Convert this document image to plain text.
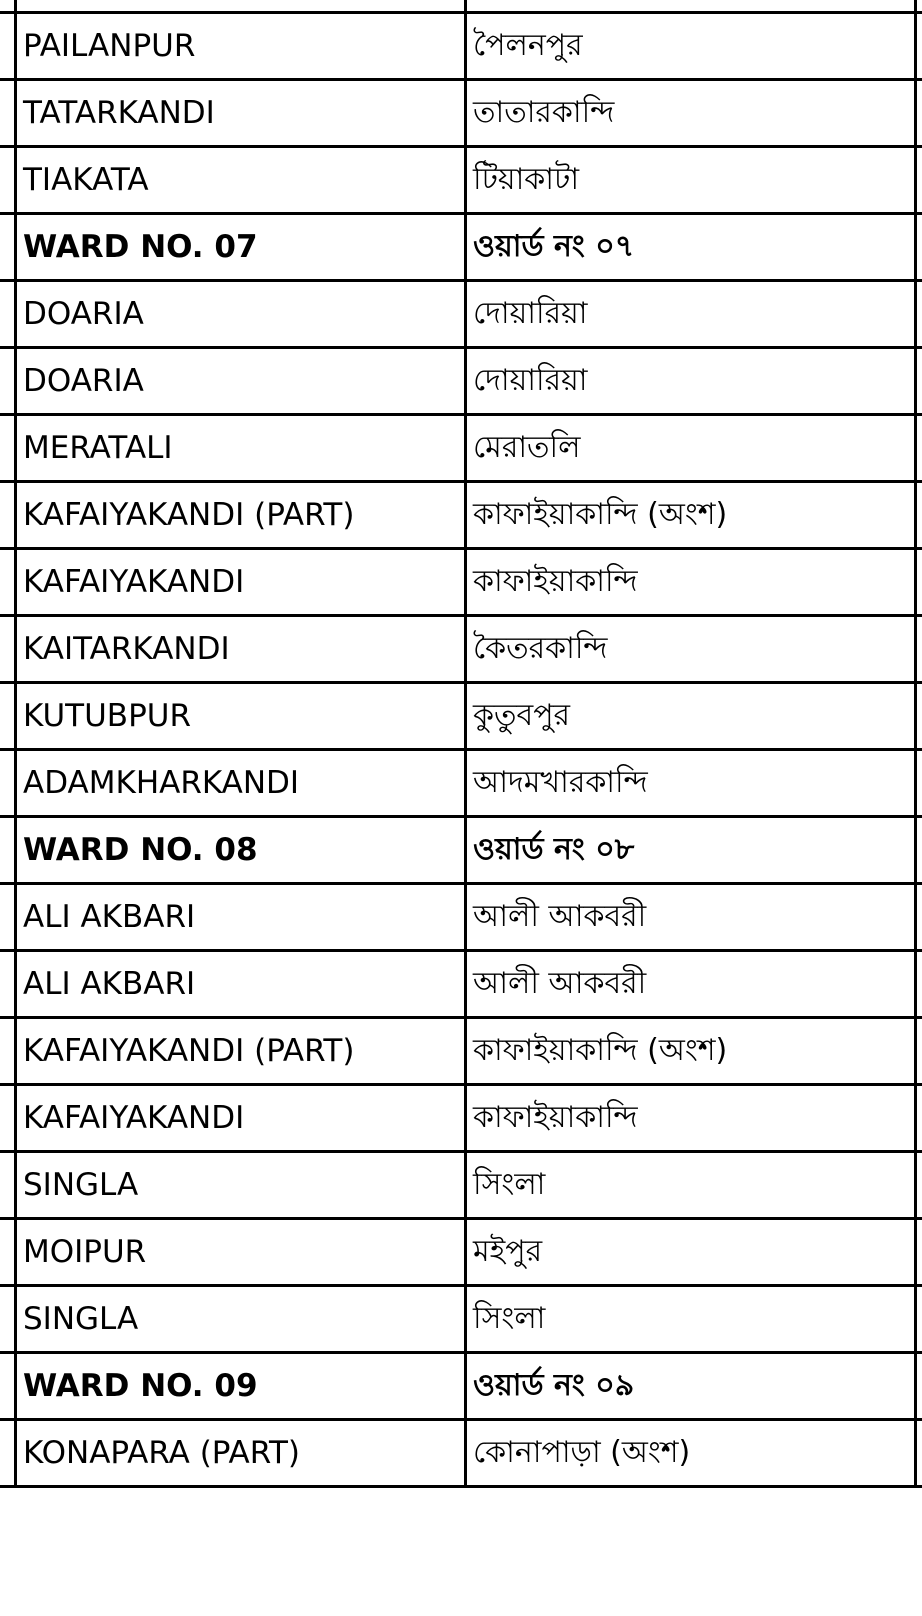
	PAILANPUR	পৈলনপুর	
	TATARKANDI	তাতারকান্দি	
	TIAKATA	টিয়াকাটা	
	WARD NO. 07	ওয়ার্ড নং ০৭	
	DOARIA	দোয়ারিয়া	
	DOARIA	দোয়ারিয়া	
	MERATALI	মেরাতলি	
	KAFAIYAKANDI (PART)	কাফাইয়াকান্দি (অংশ)	
	KAFAIYAKANDI	কাফাইয়াকান্দি	
	KAITARKANDI	কৈতরকান্দি	
	KUTUBPUR	কুতুবপুর	
	ADAMKHARKANDI	আদমখারকান্দি	
	WARD NO. 08	ওয়ার্ড নং ০৮	
	ALI AKBARI	আলী আকবরী	
	ALI AKBARI	আলী আকবরী	
	KAFAIYAKANDI (PART)	কাফাইয়াকান্দি (অংশ)	
	KAFAIYAKANDI	কাফাইয়াকান্দি	
	SINGLA	সিংলা	
	MOIPUR	মইপুর	
	SINGLA	সিংলা	
	WARD NO. 09	ওয়ার্ড নং ০৯	
	KONAPARA (PART)	কোনাপাড়া (অংশ)	
